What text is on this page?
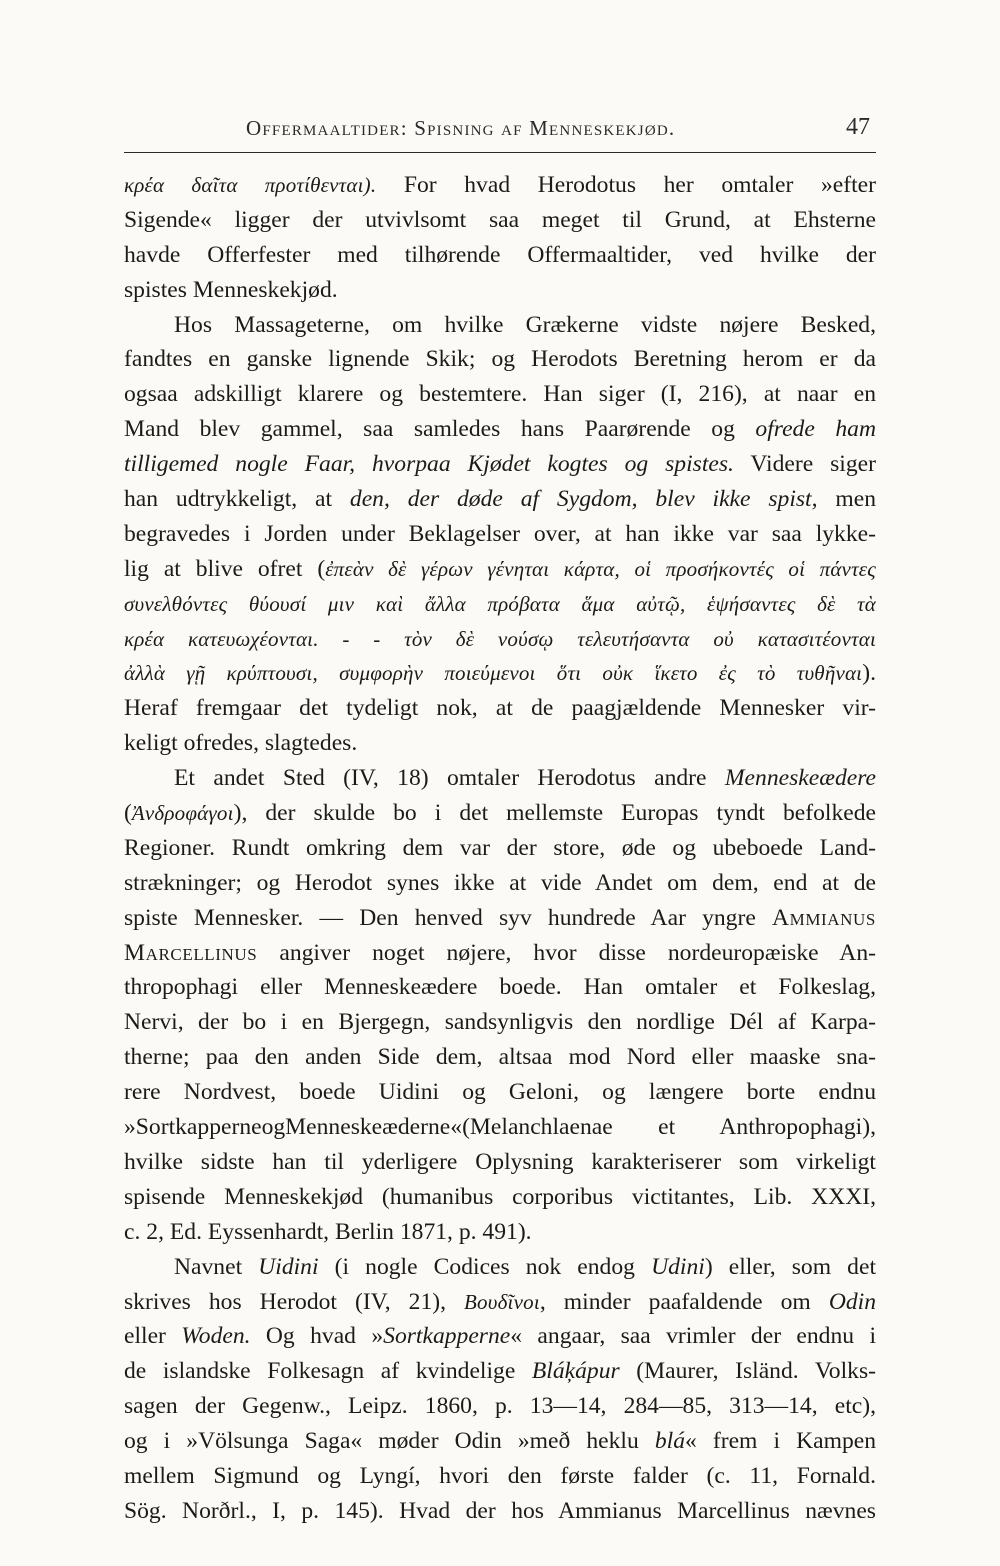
Offermaaltider: Spisning af Menneskekjød.	47
κρέα δαῖτα προτίθενται). For hvad Herodotus her omtaler »efter
Sigende« ligger der utvivlsomt saa meget til Grund, at Ehsterne
havde Offerfester med tilhørende Offermaaltider, ved hvilke der
spistes Menneskekjød.
Hos Massageterne, om hvilke Grækerne vidste nøjere Besked,
fandtes en ganske lignende Skik; og Herodots Beretning herom er da
ogsaa adskilligt klarere og bestemtere. Han siger (I, 216), at naar en
Mand blev gammel, saa samledes hans Paarørende og ofrede ham
tilligemed nogle Faar, hvorpaa Kjødet kogtes og spistes. Videre siger
han udtrykkeligt, at den, der døde af Sygdom, blev ikke spist, men
begravedes i Jorden under Beklagelser over, at han ikke var saa lykke-
lig at blive ofret (ἐπεὰν δὲ γέρων γένηται κάρτα, οἱ προσήκοντές οἱ πάντες
συνελθόντες θύουσί μιν καὶ ἄλλα πρόβατα ἅμα αὐτῷ, ἑψήσαντες δὲ τὰ
κρέα κατευωχέονται. - - τὸν δὲ νούσῳ τελευτήσαντα οὐ κατασιτέονται
ἀλλὰ γῇ κρύπτουσι, συμφορὴν ποιεύμενοι ὅτι οὐκ ἵκετο ἐς τὸ τυθῆναι).
Heraf fremgaar det tydeligt nok, at de paagjældende Mennesker vir-
keligt ofredes, slagtedes.
Et andet Sted (IV, 18) omtaler Herodotus andre Menneskeædere
(Ἀνδροφάγοι), der skulde bo i det mellemste Europas tyndt befolkede
Regioner. Rundt omkring dem var der store, øde og ubeboede Land-
strækninger; og Herodot synes ikke at vide Andet om dem, end at de
spiste Mennesker. — Den henved syv hundrede Aar yngre Ammianus
Marcellinus angiver noget nøjere, hvor disse nordeuropæiske An-
thropophagi eller Menneskeædere boede. Han omtaler et Folkeslag,
Nervi, der bo i en Bjergegn, sandsynligvis den nordlige Dél af Karpa-
therne; paa den anden Side dem, altsaa mod Nord eller maaske sna-
rere Nordvest, boede Uidini og Geloni, og længere borte endnu
»SortkapperneogMenneskeæderne«(Melanchlaenae et Anthropophagi),
hvilke sidste han til yderligere Oplysning karakteriserer som virkeligt
spisende Menneskekjød (humanibus corporibus victitantes, Lib. XXXI,
c. 2, Ed. Eyssenhardt, Berlin 1871, p. 491).
Navnet Uidini (i nogle Codices nok endog Udini) eller, som det
skrives hos Herodot (IV, 21), Βουδῖνοι, minder paafaldende om Odin
eller Woden. Og hvad »Sortkapperne« angaar, saa vrimler der endnu i
de islandske Folkesagn af kvindelige Bláķápur (Maurer, Isländ. Volks-
sagen der Gegenw., Leipz. 1860, p. 13—14, 284—85, 313—14, etc),
og i »Völsunga Saga« møder Odin »með heklu blá« frem i Kampen
mellem Sigmund og Lyngí, hvori den første falder (c. 11, Fornald.
Sög. Norðrl., I, p. 145). Hvad der hos Ammianus Marcellinus nævnes
